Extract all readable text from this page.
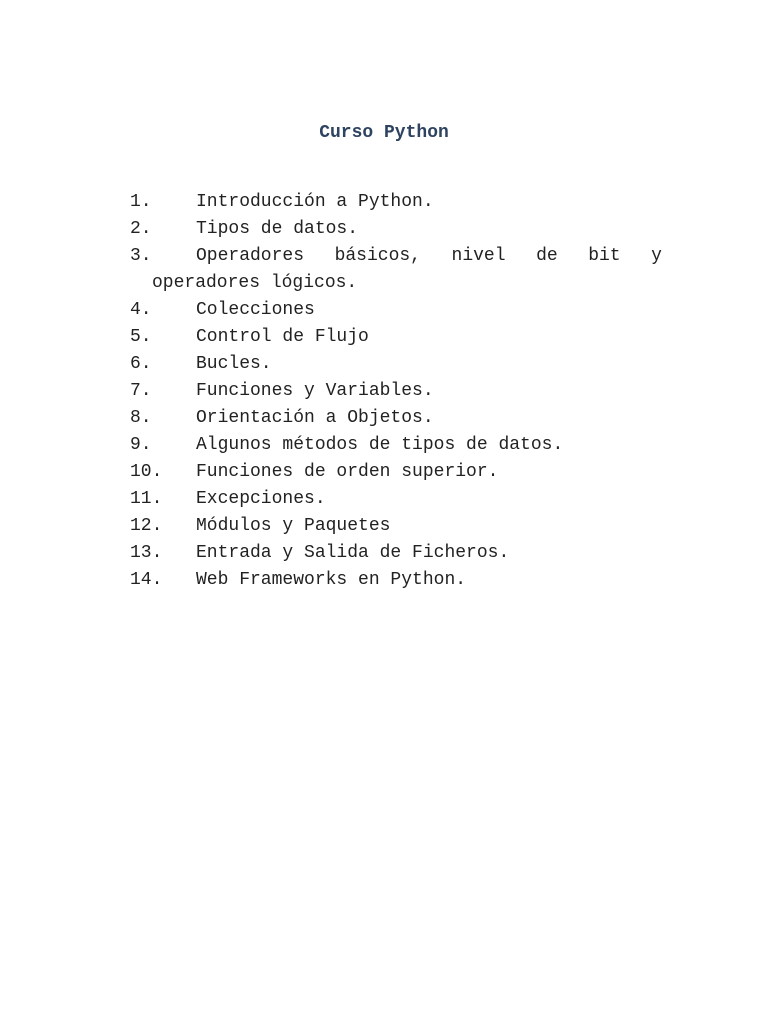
Curso Python
1.	Introducción a Python.
2.	Tipos de datos.
3.	Operadores básicos, nivel de bit y
operadores lógicos.
4.	Colecciones
5.	Control de Flujo
6.	Bucles.
7.	Funciones y Variables.
8.	Orientación a Objetos.
9.	Algunos métodos de tipos de datos.
10.	Funciones de orden superior.
11.	Excepciones.
12.	Módulos y Paquetes
13.	Entrada y Salida de Ficheros.
14.	Web Frameworks en Python.
